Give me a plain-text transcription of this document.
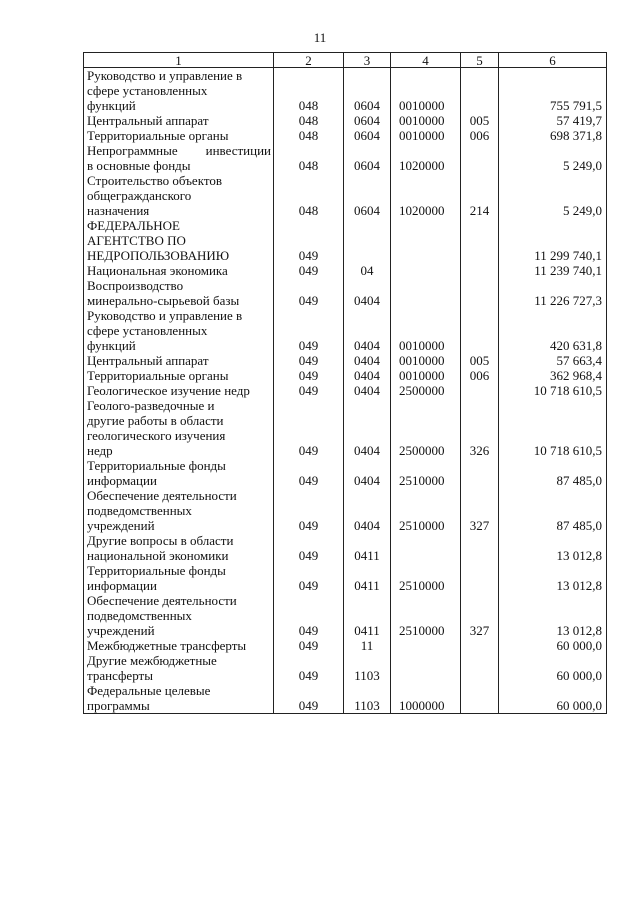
11
1	2	3	4	5	6

Руководство и управление в
сфере установленных
функций	048	0604	0010000		755 791,5

Центральный аппарат	048	0604	0010000	005	57 419,7

Территориальные органы	048	0604	0010000	006	698 371,8

Непрограммные инвестиции
в основные фонды	048	0604	1020000		5 249,0

Строительство объектов
общегражданского
назначения	048	0604	1020000	214	5 249,0

ФЕДЕРАЛЬНОЕ
АГЕНТСТВО ПО
НЕДРОПОЛЬЗОВАНИЮ	049				11 299 740,1

Национальная экономика	049	04			11 239 740,1

Воспроизводство
минерально-сырьевой базы	049	0404			11 226 727,3

Руководство и управление в
сфере установленных
функций	049	0404	0010000		420 631,8

Центральный аппарат	049	0404	0010000	005	57 663,4

Территориальные органы	049	0404	0010000	006	362 968,4

Геологическое изучение недр	049	0404	2500000		10 718 610,5

Геолого-разведочные и
другие работы в области
геологического изучения
недр	049	0404	2500000	326	10 718 610,5

Территориальные фонды
информации	049	0404	2510000		87 485,0

Обеспечение деятельности
подведомственных
учреждений	049	0404	2510000	327	87 485,0

Другие вопросы в области
национальной экономики	049	0411			13 012,8

Территориальные фонды
информации	049	0411	2510000		13 012,8

Обеспечение деятельности
подведомственных
учреждений	049	0411	2510000	327	13 012,8

Межбюджетные трансферты	049	11			60 000,0

Другие межбюджетные
трансферты	049	1103			60 000,0

Федеральные целевые
программы	049	1103	1000000		60 000,0
